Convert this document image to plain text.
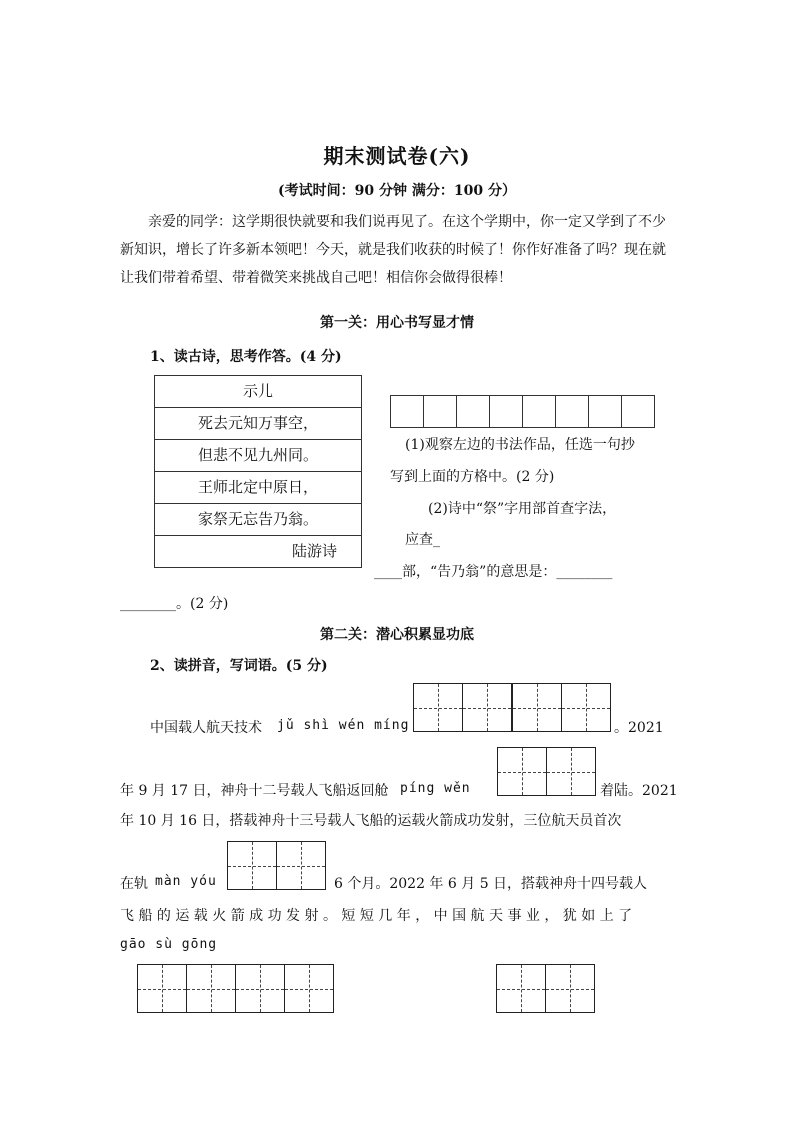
期末测试卷(六)
(考试时间：90 分钟 满分：100 分）
亲爱的同学：这学期很快就要和我们说再见了。在这个学期中，你一定又学到了不少新知识，增长了许多新本领吧！今天，就是我们收获的时候了！你作好准备了吗？现在就让我们带着希望、带着微笑来挑战自己吧！相信你会做得很棒！
第一关：用心书写显才情
1、读古诗，思考作答。(4 分)
示儿
死去元知万事空，
但悲不见九州同。
王师北定中原日，
家祭无忘告乃翁。
陆游诗
(1)观察左边的书法作品，任选一句抄
写到上面的方格中。(2 分)
(2)诗中“祭”字用部首查字法，
应查_
____部，“告乃翁”的意思是：________
________。(2 分)
第二关：潜心积累显功底
2、读拼音，写词语。(5 分)
中国载人航天技术 jǔ shì wén míng	。2021
年 9 月 17 日，神舟十二号载人飞船返回舱 píng wěn	着陆。2021
年 10 月 16 日，搭载神舟十三号载人飞船的运载火箭成功发射，三位航天员首次
在轨 màn yóu	6 个月。2022 年 6 月 5 日，搭载神舟十四号载人
飞 船 的 运 载 火 箭 成 功 发 射 。 短 短 几 年 ， 中 国 航 天 事 业 ， 犹 如 上 了
gāo sù gōng
